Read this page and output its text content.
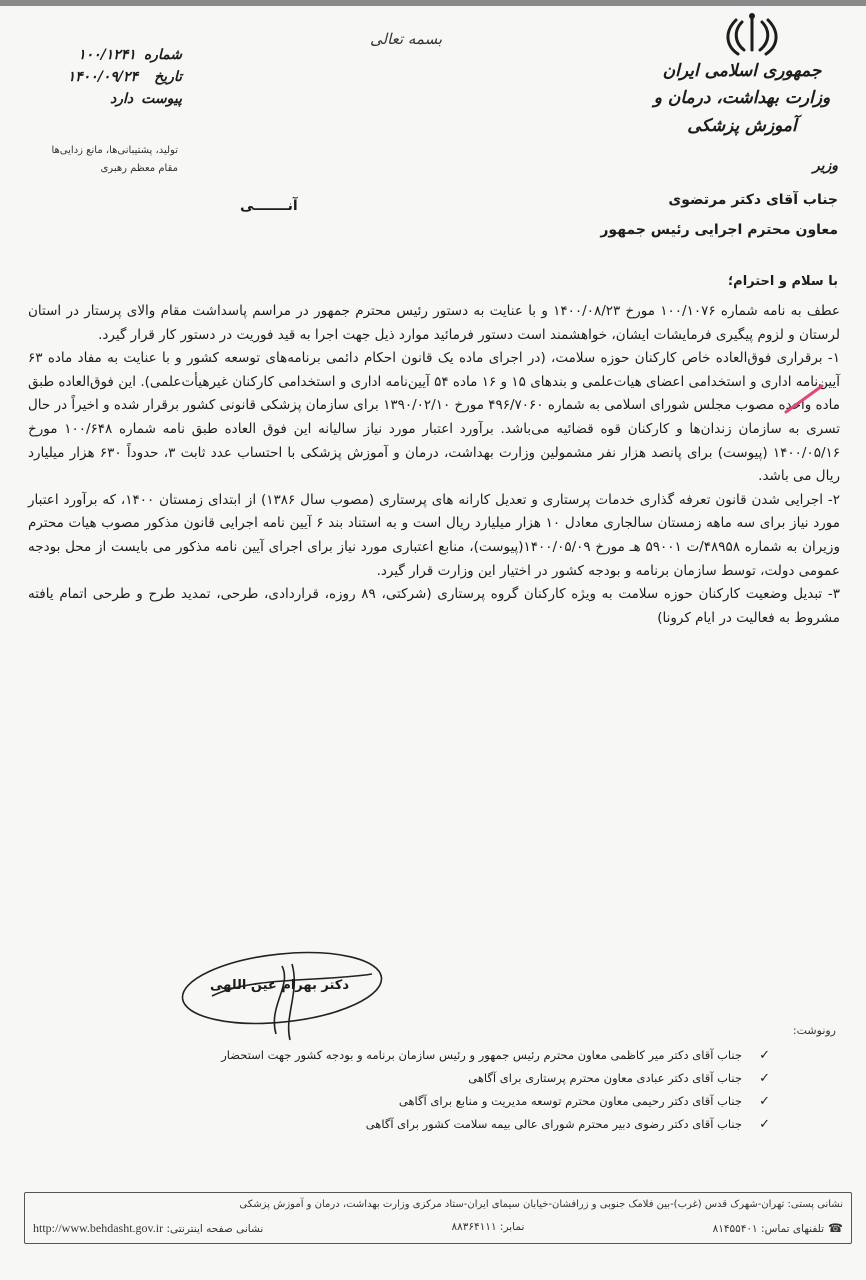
جمهوری اسلامی ایران
وزارت بهداشت، درمان و آموزش پزشکی
بسمه تعالی
شماره
۱۰۰/۱۲۴۱
تاریخ
۱۴۰۰/۰۹/۲۴
پیوست
دارد
تولید، پشتیبانی‌ها، مانع زدایی‌ها
مقام معظم رهبری	وزیر
جناب آقای دکتر مرتضوی
معاون محترم اجرایی رئیس جمهور
آنـــــــی
با سلام و احترام؛

عطف به نامه شماره ۱۰۰/۱۰۷۶ مورخ ۱۴۰۰/۰۸/۲۳ و با عنایت به دستور رئیس محترم جمهور در مراسم پاسداشت مقام والای پرستار در استان لرستان و لزوم پیگیری فرمایشات ایشان، خواهشمند است دستور فرمائید موارد ذیل جهت اجرا به قید فوریت در دستور کار قرار گیرد.

۱- برقراری فوق‌العاده خاص کارکنان حوزه سلامت، (در اجرای ماده یک قانون احکام دائمی برنامه‌های توسعه کشور و با عنایت به مفاد ماده ۶۳ آیین‌نامه اداری و استخدامی اعضای هیات‌علمی و بندهای ۱۵ و ۱۶ ماده ۵۴ آیین‌نامه اداری و استخدامی کارکنان غیرهیأت‌علمی). این فوق‌العاده طبق ماده واحده مصوب مجلس شورای اسلامی به شماره ۴۹۶/۷۰۶۰ مورخ ۱۳۹۰/۰۲/۱۰ برای سازمان پزشکی قانونی کشور برقرار شده و اخیراً در حال تسری به سازمان زندان‌ها و کارکنان قوه قضائیه می‌باشد. برآورد اعتبار مورد نیاز سالیانه این فوق العاده طبق نامه شماره ۱۰۰/۶۴۸ مورخ ۱۴۰۰/۰۵/۱۶ (پیوست) برای پانصد هزار نفر مشمولین وزارت بهداشت، درمان و آموزش پزشکی با احتساب عدد ثابت ۳، حدوداً ۶۳۰ هزار میلیارد ریال می باشد.

۲- اجرایی شدن قانون تعرفه گذاری خدمات پرستاری و تعدیل کارانه های پرستاری (مصوب سال ۱۳۸۶) از ابتدای زمستان ۱۴۰۰، که برآورد اعتبار مورد نیاز برای سه ماهه زمستان سالجاری معادل ۱۰ هزار میلیارد ریال است و به استناد بند ۶ آیین نامه اجرایی قانون مذکور مصوب هیات محترم وزیران به شماره ۴۸۹۵۸/ت ۵۹۰۰۱ هـ مورخ ۱۴۰۰/۰۵/۰۹(پیوست)، منابع اعتباری مورد نیاز برای اجرای آیین نامه مذکور می بایست از محل بودجه عمومی دولت، توسط سازمان برنامه و بودجه کشور در اختیار این وزارت قرار گیرد.

۳- تبدیل وضعیت کارکنان حوزه سلامت به ویژه کارکنان گروه پرستاری (شرکتی، ۸۹ روزه، قراردادی، طرحی، تمدید طرح و طرحی اتمام یافته مشروط به فعالیت در ایام کرونا)

دکتر بهرام عین اللهی
رونوشت:
✓
جناب آقای دکتر میر کاظمی معاون محترم رئیس جمهور و رئیس سازمان برنامه و بودجه کشور جهت استحضار
✓
جناب آقای دکتر عبادی معاون محترم پرستاری برای آگاهی
✓
جناب آقای دکتر رحیمی معاون محترم توسعه مدیریت و منابع برای آگاهی
✓
جناب آقای دکتر رضوی دبیر محترم شورای عالی بیمه سلامت کشور برای آگاهی
نشانی پستی: تهران-شهرک قدس (غرب)-بین فلامک جنوبی و زرافشان-خیابان سیمای ایران-ستاد مرکزی وزارت بهداشت، درمان و آموزش پزشکی
☎تلفنهای تماس: ۸۱۴۵۵۴۰۱
نمابر: ۸۸۳۶۴۱۱۱
نشانی صفحه اینترنتی: http://www.behdasht.gov.ir
